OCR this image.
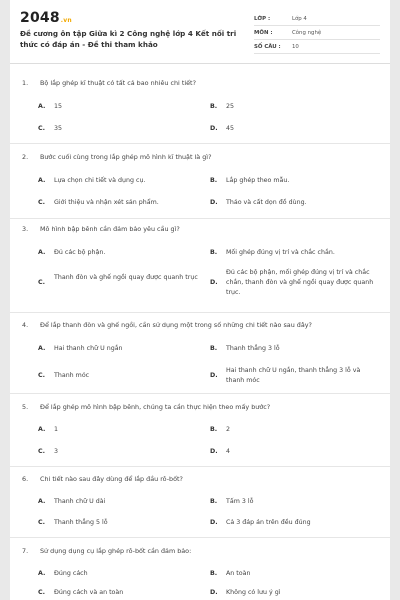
2048.vn
Đề cương ôn tập Giữa kì 2 Công nghệ lớp 4 Kết nối tri thức có đáp án - Đề thi tham khảo
LỚP :	Lớp 4
MÔN :	Công nghệ
SỐ CÂU : 10
1. Bộ lắp ghép kĩ thuật có tất cả bao nhiêu chi tiết?
A. 15	B. 25
C. 35	D. 45
2. Bước cuối cùng trong lắp ghép mô hình kĩ thuật là gì?
A. Lựa chọn chi tiết và dụng cụ.	B. Lắp ghép theo mẫu.
C. Giới thiệu và nhận xét sản phẩm.	D. Tháo và cất dọn đồ dùng.
3. Mô hình bập bênh cần đảm bảo yêu cầu gì?
A. Đủ các bộ phận.	B. Mối ghép đúng vị trí và chắc chắn.
C.
Thanh đòn và ghế ngồi quay được quanh trục
D.
Đủ các bộ phận, mối ghép đúng vị trí và chắc chắn, thanh đòn và ghế ngồi quay được quanh trục.
4. Để lắp thanh đòn và ghế ngồi, cần sử dụng một trong số những chi tiết nào sau đây?
A. Hai thanh chữ U ngắn	B. Thanh thẳng 3 lỗ
C. Thanh móc	D.
Hai thanh chữ U ngắn, thanh thẳng 3 lỗ và thanh móc
5. Để lắp ghép mô hình bập bênh, chúng ta cần thực hiện theo mấy bước?
A. 1	B. 2
C. 3	D. 4
6. Chi tiết nào sau đây dùng để lắp đầu rô-bốt?
A. Thanh chữ U dài	B. Tấm 3 lỗ
C. Thanh thẳng 5 lỗ	D. Cả 3 đáp án trên đều đúng
7. Sử dụng dụng cụ lắp ghép rô-bốt cần đảm bảo:
A. Đúng cách	B. An toàn
C. Đúng cách và an toàn	D. Không có lưu ý gì
